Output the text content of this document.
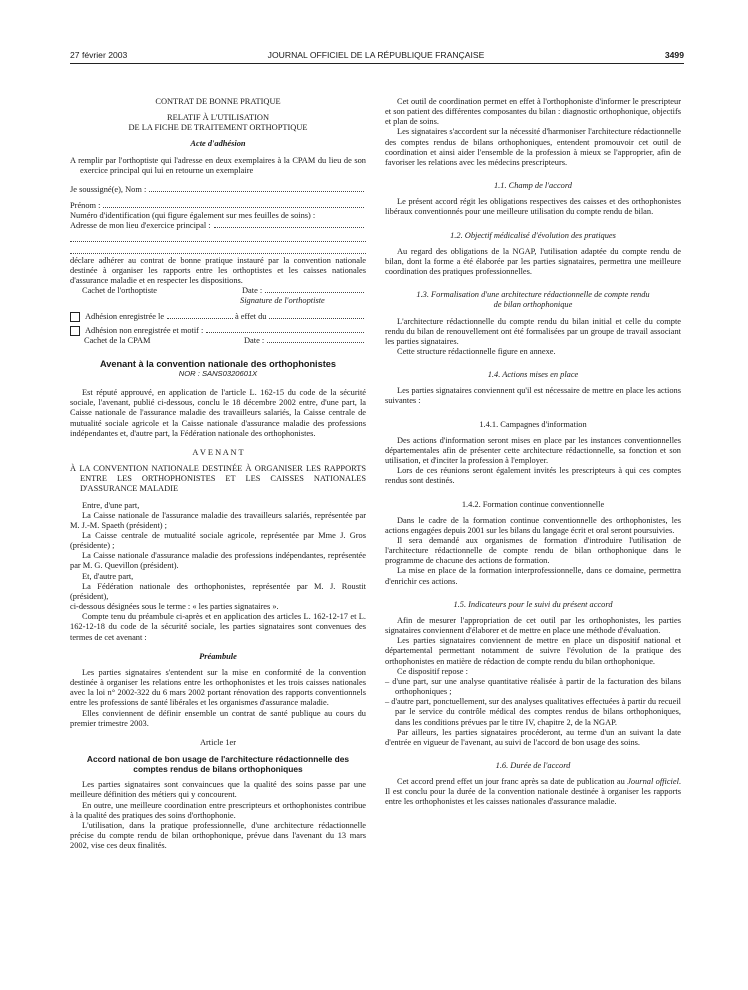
27 février 2003	JOURNAL OFFICIEL DE LA RÉPUBLIQUE FRANÇAISE	3499

CONTRAT DE BONNE PRATIQUE

RELATIF À L'UTILISATION

DE LA FICHE DE TRAITEMENT ORTHOPTIQUE

Acte d'adhésion

A remplir par l'orthoptiste qui l'adresse en deux exemplaires à la CPAM du lieu de son exercice principal qui lui en retourne un exemplaire

Je soussigné(e), Nom :
Prénom :

Numéro d'identification (qui figure également sur mes feuilles de soins) :

Adresse de mon lieu d'exercice principal :

déclare adhérer au contrat de bonne pratique instauré par la convention nationale destinée à organiser les rapports entre les orthoptistes et les caisses nationales d'assurance maladie et en respecter les dispositions.

Cachet de l'orthoptiste	Date :

Signature de l'orthoptiste

Adhésion enregistrée le	à effet du
Adhésion non enregistrée et motif :
Cachet de la CPAM	Date :

Avenant à la convention nationale des orthophonistes

NOR : SANS0320601X

Est réputé approuvé, en application de l'article L. 162-15 du code de la sécurité sociale, l'avenant, publié ci-dessous, conclu le 18 décembre 2002 entre, d'une part, la Caisse nationale de l'assurance maladie des travailleurs salariés, la Caisse centrale de mutualité sociale agricole et la Caisse nationale d'assurance maladie des professions indépendantes et, d'autre part, la Fédération nationale des orthophonistes.

A V E N A N T

À LA CONVENTION NATIONALE DESTINÉE À ORGANISER LES RAPPORTS ENTRE LES ORTHOPHONISTES ET LES CAISSES NATIONALES D'ASSURANCE MALADIE

Entre, d'une part,

La Caisse nationale de l'assurance maladie des travailleurs salariés, représentée par M. J.-M. Spaeth (président) ;

La Caisse centrale de mutualité sociale agricole, représentée par Mme J. Gros (présidente) ;

La Caisse nationale d'assurance maladie des professions indépendantes, représentée par M. G. Quevillon (président).

Et, d'autre part,

La Fédération nationale des orthophonistes, représentée par M. J. Roustit (président),

ci-dessous désignées sous le terme : « les parties signataires ».

Compte tenu du préambule ci-après et en application des articles L. 162-12-17 et L. 162-12-18 du code de la sécurité sociale, les parties signataires sont convenues des termes de cet avenant :

Préambule

Les parties signataires s'entendent sur la mise en conformité de la convention destinée à organiser les relations entre les orthophonistes et les trois caisses nationales avec la loi n° 2002-322 du 6 mars 2002 portant rénovation des rapports conventionnels entre les professions de santé libérales et les organismes d'assurance maladie.

Elles conviennent de définir ensemble un contrat de santé publique au cours du premier trimestre 2003.

Article 1er

Accord national de bon usage de l'architecture rédactionnelle des comptes rendus de bilans orthophoniques

Les parties signataires sont convaincues que la qualité des soins passe par une meilleure définition des métiers qui y concourent.

En outre, une meilleure coordination entre prescripteurs et orthophonistes contribue à la qualité des pratiques des soins d'orthophonie.

L'utilisation, dans la pratique professionnelle, d'une architecture rédactionnelle précise du compte rendu de bilan orthophonique, prévue dans l'avenant du 13 mars 2002, vise ces deux finalités.

Cet outil de coordination permet en effet à l'orthophoniste d'informer le prescripteur et son patient des différentes composantes du bilan : diagnostic orthophonique, objectifs et plan de soins.

Les signataires s'accordent sur la nécessité d'harmoniser l'architecture rédactionnelle des comptes rendus de bilans orthophoniques, entendent promouvoir cet outil de coordination et ainsi aider l'ensemble de la profession à mieux se l'approprier, afin de favoriser les relations avec les médecins prescripteurs.

1.1. Champ de l'accord

Le présent accord régit les obligations respectives des caisses et des orthophonistes libéraux conventionnés pour une meilleure utilisation du compte rendu de bilan.

1.2. Objectif médicalisé d'évolution des pratiques

Au regard des obligations de la NGAP, l'utilisation adaptée du compte rendu de bilan, dont la forme a été élaborée par les parties signataires, permettra une meilleure coordination des pratiques professionnelles.

1.3. Formalisation d'une architecture rédactionnelle de compte rendu de bilan orthophonique

L'architecture rédactionnelle du compte rendu du bilan initial et celle du compte rendu du bilan de renouvellement ont été formalisées par un groupe de travail associant les parties signataires.

Cette structure rédactionnelle figure en annexe.

1.4. Actions mises en place

Les parties signataires conviennent qu'il est nécessaire de mettre en place les actions suivantes :

1.4.1. Campagnes d'information

Des actions d'information seront mises en place par les instances conventionnelles départementales afin de présenter cette architecture rédactionnelle, sa fonction et son utilisation, et d'inciter la profession à l'employer.

Lors de ces réunions seront également invités les prescripteurs à qui ces comptes rendus sont destinés.

1.4.2. Formation continue conventionnelle

Dans le cadre de la formation continue conventionnelle des orthophonistes, les actions engagées depuis 2001 sur les bilans du langage écrit et oral seront poursuivies.

Il sera demandé aux organismes de formation d'introduire l'utilisation de l'architecture rédactionnelle de compte rendu de bilan orthophonique dans le programme de chacune des actions de formation.

La mise en place de la formation interprofessionnelle, dans ce domaine, permettra d'enrichir ces actions.

1.5. Indicateurs pour le suivi du présent accord

Afin de mesurer l'appropriation de cet outil par les orthophonistes, les parties signataires conviennent d'élaborer et de mettre en place une méthode d'évaluation.

Les parties signataires conviennent de mettre en place un dispositif national et départemental permettant notamment de suivre l'évolution de la pratique des orthophonistes en matière de rédaction de compte rendu du bilan orthophonique.

Ce dispositif repose :

– d'une part, sur une analyse quantitative réalisée à partir de la facturation des bilans orthophoniques ;

– d'autre part, ponctuellement, sur des analyses qualitatives effectuées à partir du recueil par le service du contrôle médical des comptes rendus de bilans orthophoniques, dans les conditions prévues par le titre IV, chapitre 2, de la NGAP.

Par ailleurs, les parties signataires procéderont, au terme d'un an suivant la date d'entrée en vigueur de l'avenant, au suivi de l'accord de bon usage des soins.

1.6. Durée de l'accord

Cet accord prend effet un jour franc après sa date de publication au Journal officiel. Il est conclu pour la durée de la convention nationale destinée à organiser les rapports entre les orthophonistes et les caisses nationales d'assurance maladie.
